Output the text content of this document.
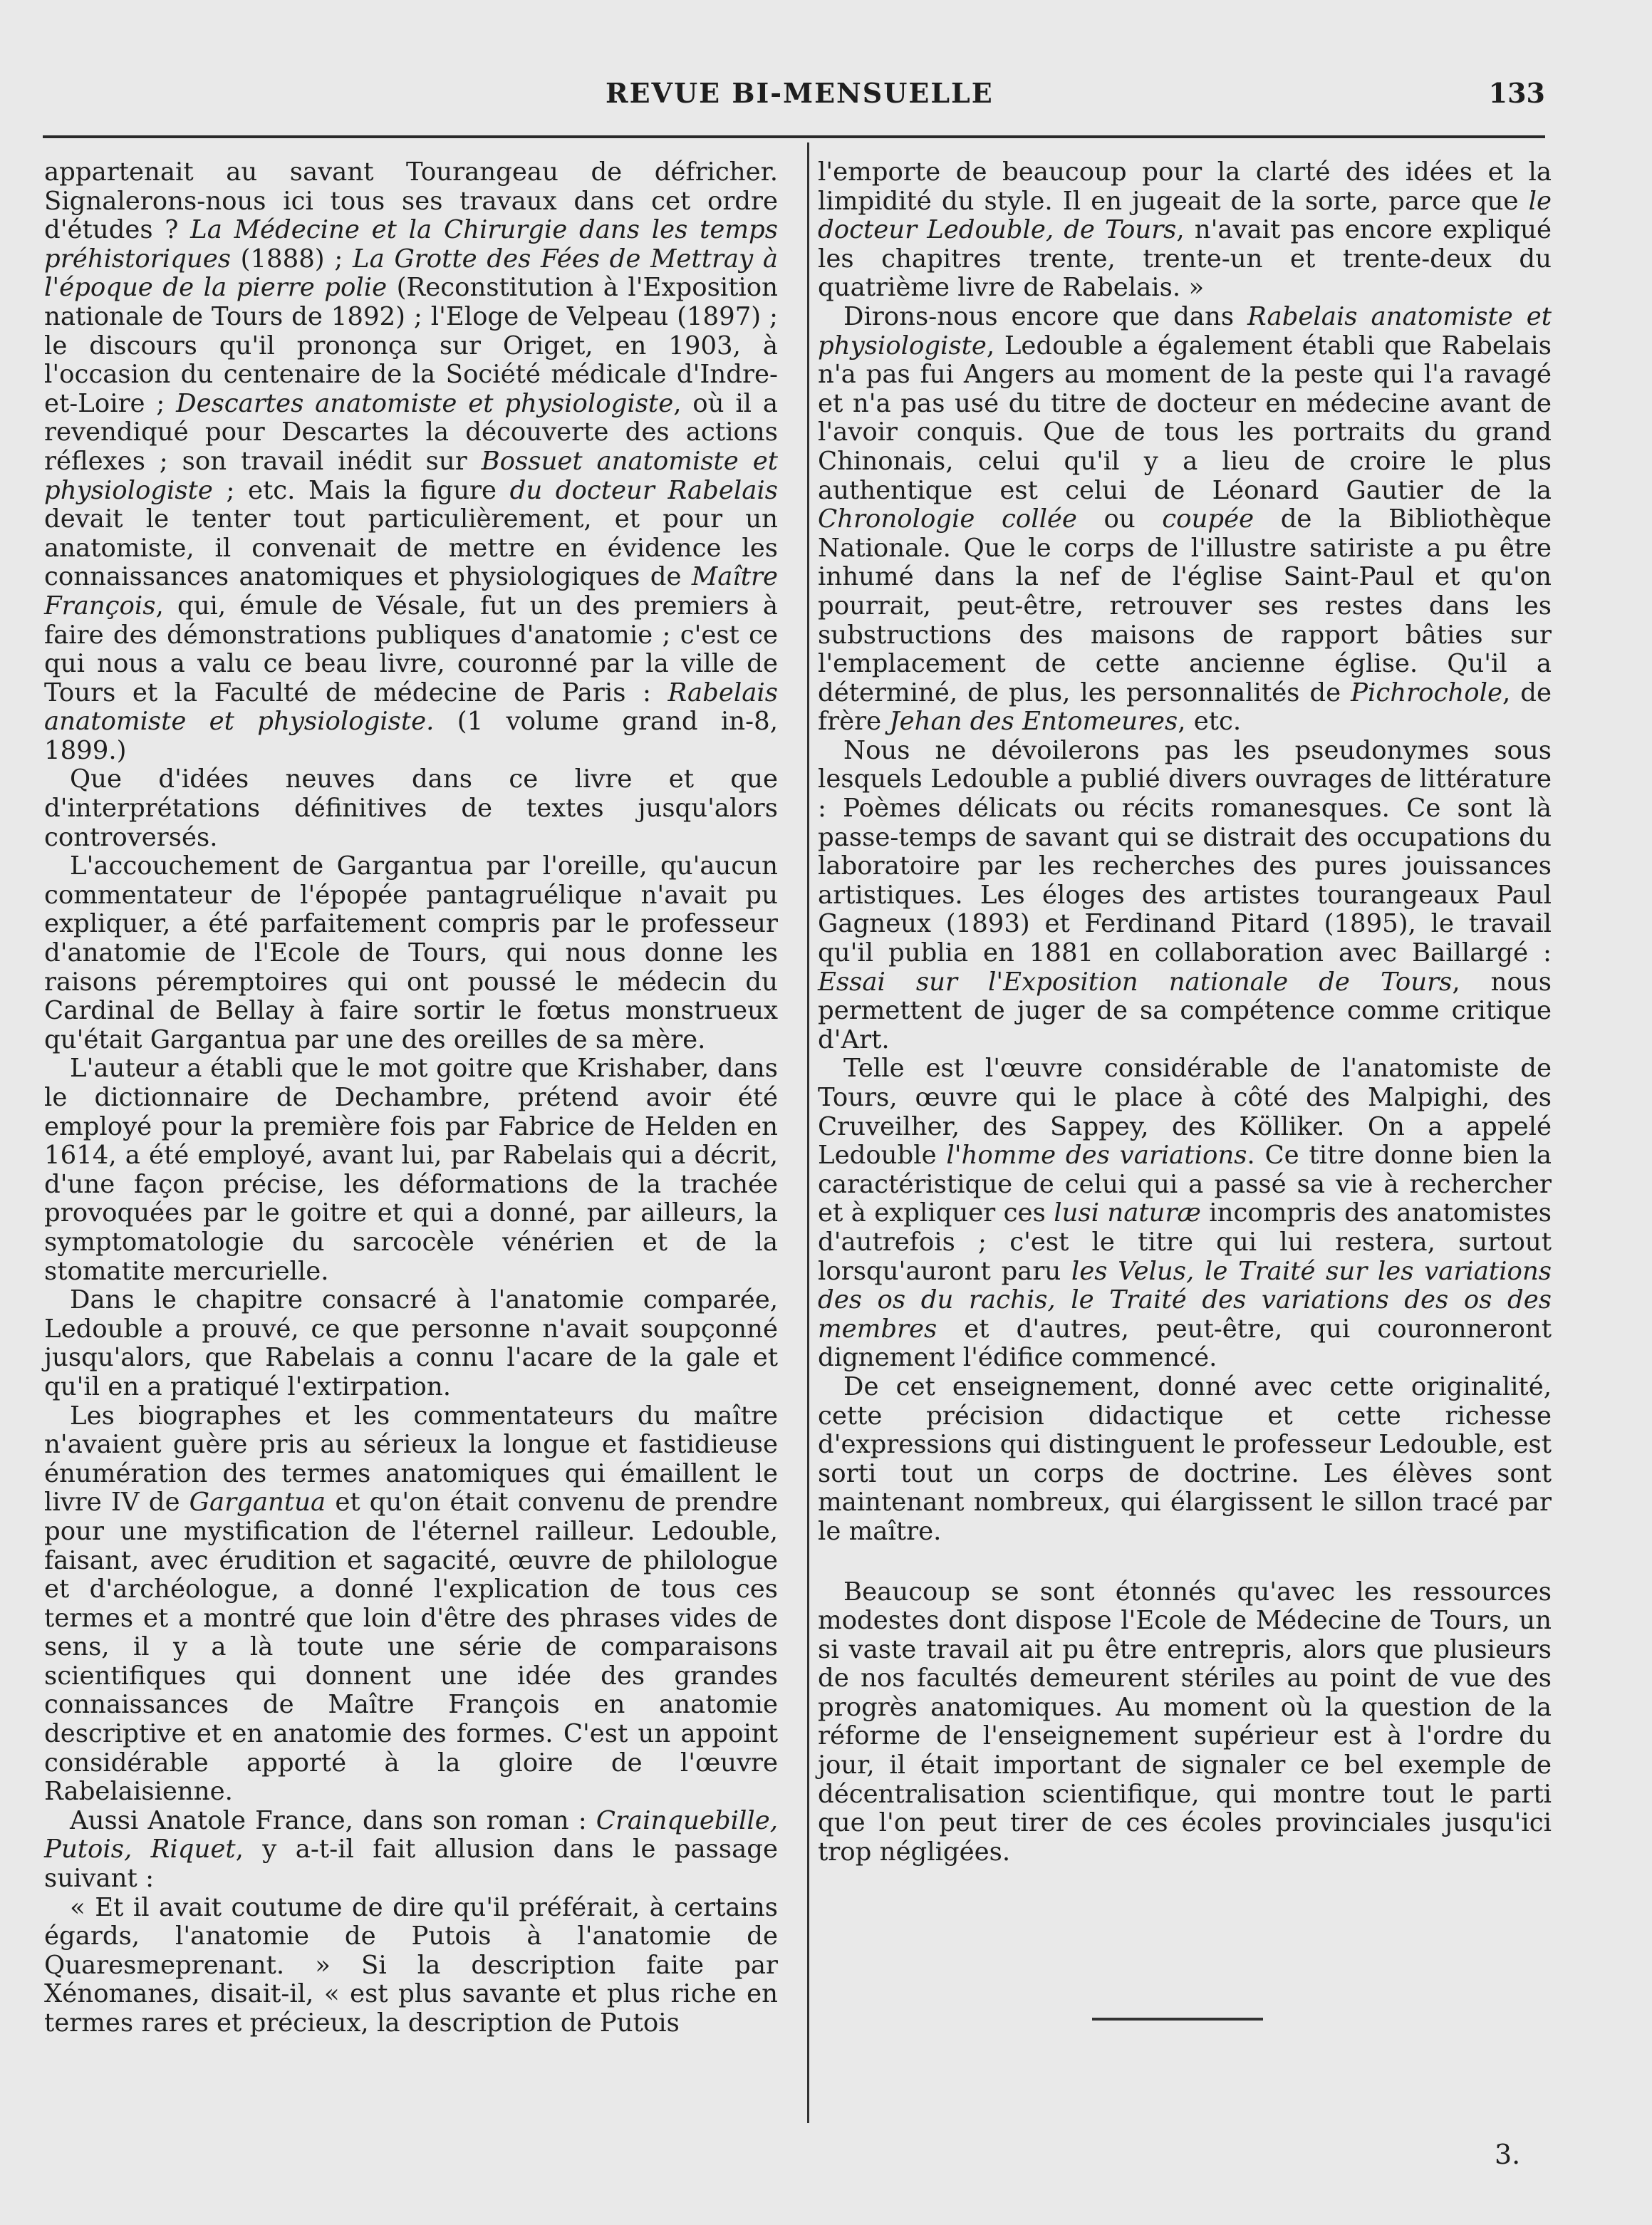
REVUE BI-MENSUELLE	133

appartenait au savant Tourangeau de défricher. Signalerons-nous ici tous ses travaux dans cet ordre d'études ? La Médecine et la Chirurgie dans les temps préhistoriques (1888) ; La Grotte des Fées de Mettray à l'époque de la pierre polie (Reconstitution à l'Exposition nationale de Tours de 1892) ; l'Eloge de Velpeau (1897) ; le discours qu'il prononça sur Origet, en 1903, à l'occasion du centenaire de la Société médicale d'Indre-et-Loire ; Descartes anatomiste et physiologiste, où il a revendiqué pour Descartes la découverte des actions réflexes ; son travail inédit sur Bossuet anatomiste et physiologiste ; etc. Mais la figure du docteur Rabelais devait le tenter tout particulièrement, et pour un anatomiste, il convenait de mettre en évidence les connaissances anatomiques et physiologiques de Maître François, qui, émule de Vésale, fut un des premiers à faire des démonstrations publiques d'anatomie ; c'est ce qui nous a valu ce beau livre, couronné par la ville de Tours et la Faculté de médecine de Paris : Rabelais anatomiste et physiologiste. (1 volume grand in-8, 1899.)

Que d'idées neuves dans ce livre et que d'interprétations définitives de textes jusqu'alors controversés.

L'accouchement de Gargantua par l'oreille, qu'aucun commentateur de l'épopée pantagruélique n'avait pu expliquer, a été parfaitement compris par le professeur d'anatomie de l'Ecole de Tours, qui nous donne les raisons péremptoires qui ont poussé le médecin du Cardinal de Bellay à faire sortir le fœtus monstrueux qu'était Gargantua par une des oreilles de sa mère.

L'auteur a établi que le mot goitre que Krishaber, dans le dictionnaire de Dechambre, prétend avoir été employé pour la première fois par Fabrice de Helden en 1614, a été employé, avant lui, par Rabelais qui a décrit, d'une façon précise, les déformations de la trachée provoquées par le goitre et qui a donné, par ailleurs, la symptomatologie du sarcocèle vénérien et de la stomatite mercurielle.

Dans le chapitre consacré à l'anatomie comparée, Ledouble a prouvé, ce que personne n'avait soupçonné jusqu'alors, que Rabelais a connu l'acare de la gale et qu'il en a pratiqué l'extirpation.

Les biographes et les commentateurs du maître n'avaient guère pris au sérieux la longue et fastidieuse énumération des termes anatomiques qui émaillent le livre IV de Gargantua et qu'on était convenu de prendre pour une mystification de l'éternel railleur. Ledouble, faisant, avec érudition et sagacité, œuvre de philologue et d'archéologue, a donné l'explication de tous ces termes et a montré que loin d'être des phrases vides de sens, il y a là toute une série de comparaisons scientifiques qui donnent une idée des grandes connaissances de Maître François en anatomie descriptive et en anatomie des formes. C'est un appoint considérable apporté à la gloire de l'œuvre Rabelaisienne.

Aussi Anatole France, dans son roman : Crainquebille, Putois, Riquet, y a-t-il fait allusion dans le passage suivant :

« Et il avait coutume de dire qu'il préférait, à certains égards, l'anatomie de Putois à l'anatomie de Quaresmeprenant. » Si la description faite par Xénomanes, disait-il, « est plus savante et plus riche en termes rares et précieux, la description de Putois

l'emporte de beaucoup pour la clarté des idées et la limpidité du style. Il en jugeait de la sorte, parce que le docteur Ledouble, de Tours, n'avait pas encore expliqué les chapitres trente, trente-un et trente-deux du quatrième livre de Rabelais. »

Dirons-nous encore que dans Rabelais anatomiste et physiologiste, Ledouble a également établi que Rabelais n'a pas fui Angers au moment de la peste qui l'a ravagé et n'a pas usé du titre de docteur en médecine avant de l'avoir conquis. Que de tous les portraits du grand Chinonais, celui qu'il y a lieu de croire le plus authentique est celui de Léonard Gautier de la Chronologie collée ou coupée de la Bibliothèque Nationale. Que le corps de l'illustre satiriste a pu être inhumé dans la nef de l'église Saint-Paul et qu'on pourrait, peut-être, retrouver ses restes dans les substructions des maisons de rapport bâties sur l'emplacement de cette ancienne église. Qu'il a déterminé, de plus, les personnalités de Pichrochole, de frère Jehan des Entomeures, etc.

Nous ne dévoilerons pas les pseudonymes sous lesquels Ledouble a publié divers ouvrages de littérature : Poèmes délicats ou récits romanesques. Ce sont là passe-temps de savant qui se distrait des occupations du laboratoire par les recherches des pures jouissances artistiques. Les éloges des artistes tourangeaux Paul Gagneux (1893) et Ferdinand Pitard (1895), le travail qu'il publia en 1881 en collaboration avec Baillargé : Essai sur l'Exposition nationale de Tours, nous permettent de juger de sa compétence comme critique d'Art.

Telle est l'œuvre considérable de l'anatomiste de Tours, œuvre qui le place à côté des Malpighi, des Cruveilher, des Sappey, des Kölliker. On a appelé Ledouble l'homme des variations. Ce titre donne bien la caractéristique de celui qui a passé sa vie à rechercher et à expliquer ces lusi naturæ incompris des anatomistes d'autrefois ; c'est le titre qui lui restera, surtout lorsqu'auront paru les Velus, le Traité sur les variations des os du rachis, le Traité des variations des os des membres et d'autres, peut-être, qui couronneront dignement l'édifice commencé.

De cet enseignement, donné avec cette originalité, cette précision didactique et cette richesse d'expressions qui distinguent le professeur Ledouble, est sorti tout un corps de doctrine. Les élèves sont maintenant nombreux, qui élargissent le sillon tracé par le maître.

Beaucoup se sont étonnés qu'avec les ressources modestes dont dispose l'Ecole de Médecine de Tours, un si vaste travail ait pu être entrepris, alors que plusieurs de nos facultés demeurent stériles au point de vue des progrès anatomiques. Au moment où la question de la réforme de l'enseignement supérieur est à l'ordre du jour, il était important de signaler ce bel exemple de décentralisation scientifique, qui montre tout le parti que l'on peut tirer de ces écoles provinciales jusqu'ici trop négligées.

3.
